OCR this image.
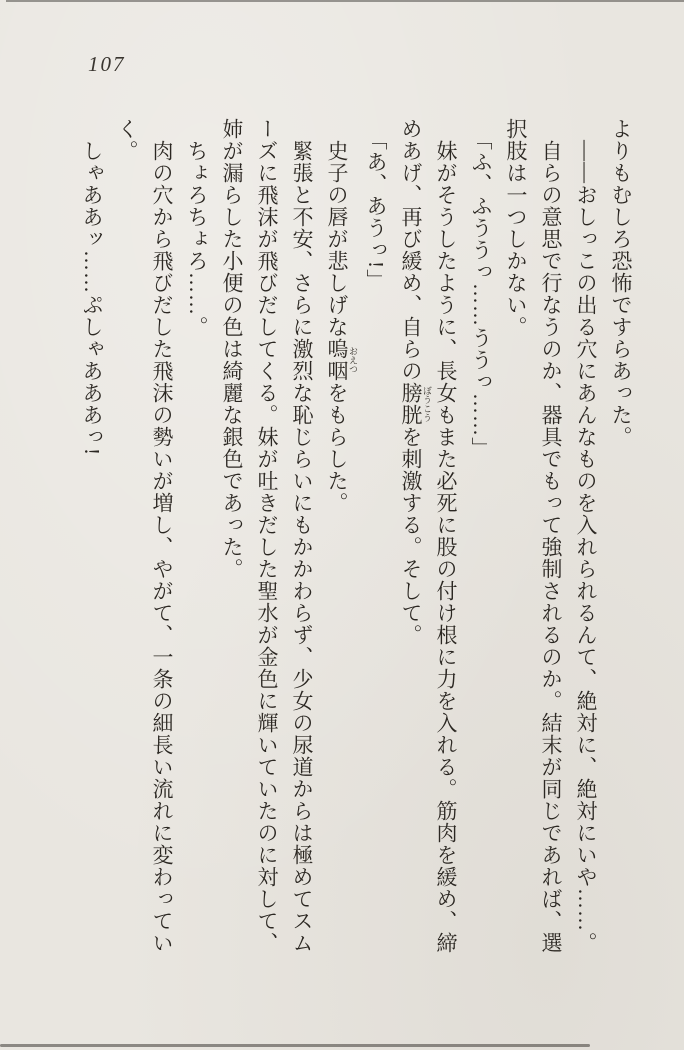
107

よりもむしろ恐怖ですらあった。

――おしっこの出る穴にあんなものを入れられるんて、絶対に、絶対にいや……。

自らの意思で行なうのか、器具でもって強制されるのか。結末が同じであれば、選択肢は一つしかない。

「ふ、ふううっ……ううっ……」

妹がそうしたように、長女もまた必死に股の付け根に力を入れる。筋肉を緩め、締めあげ、再び緩め、自らの膀胱 ぼうこうを刺激する。そして。

「あ、あうっ!」

史子の唇が悲しげな嗚咽 おえつをもらした。

緊張と不安、さらに激烈な恥じらいにもかかわらず、少女の尿道からは極めてスムーズに飛沫が飛びだしてくる。妹が吐きだした聖水が金色に輝いていたのに対して、姉が漏らした小便の色は綺麗な銀色であった。

ちょろちょろ……。

肉の穴から飛びだした飛沫の勢いが増し、やがて、一条の細長い流れに変わっていく。

しゃああッ……ぷしゃあああっ!
